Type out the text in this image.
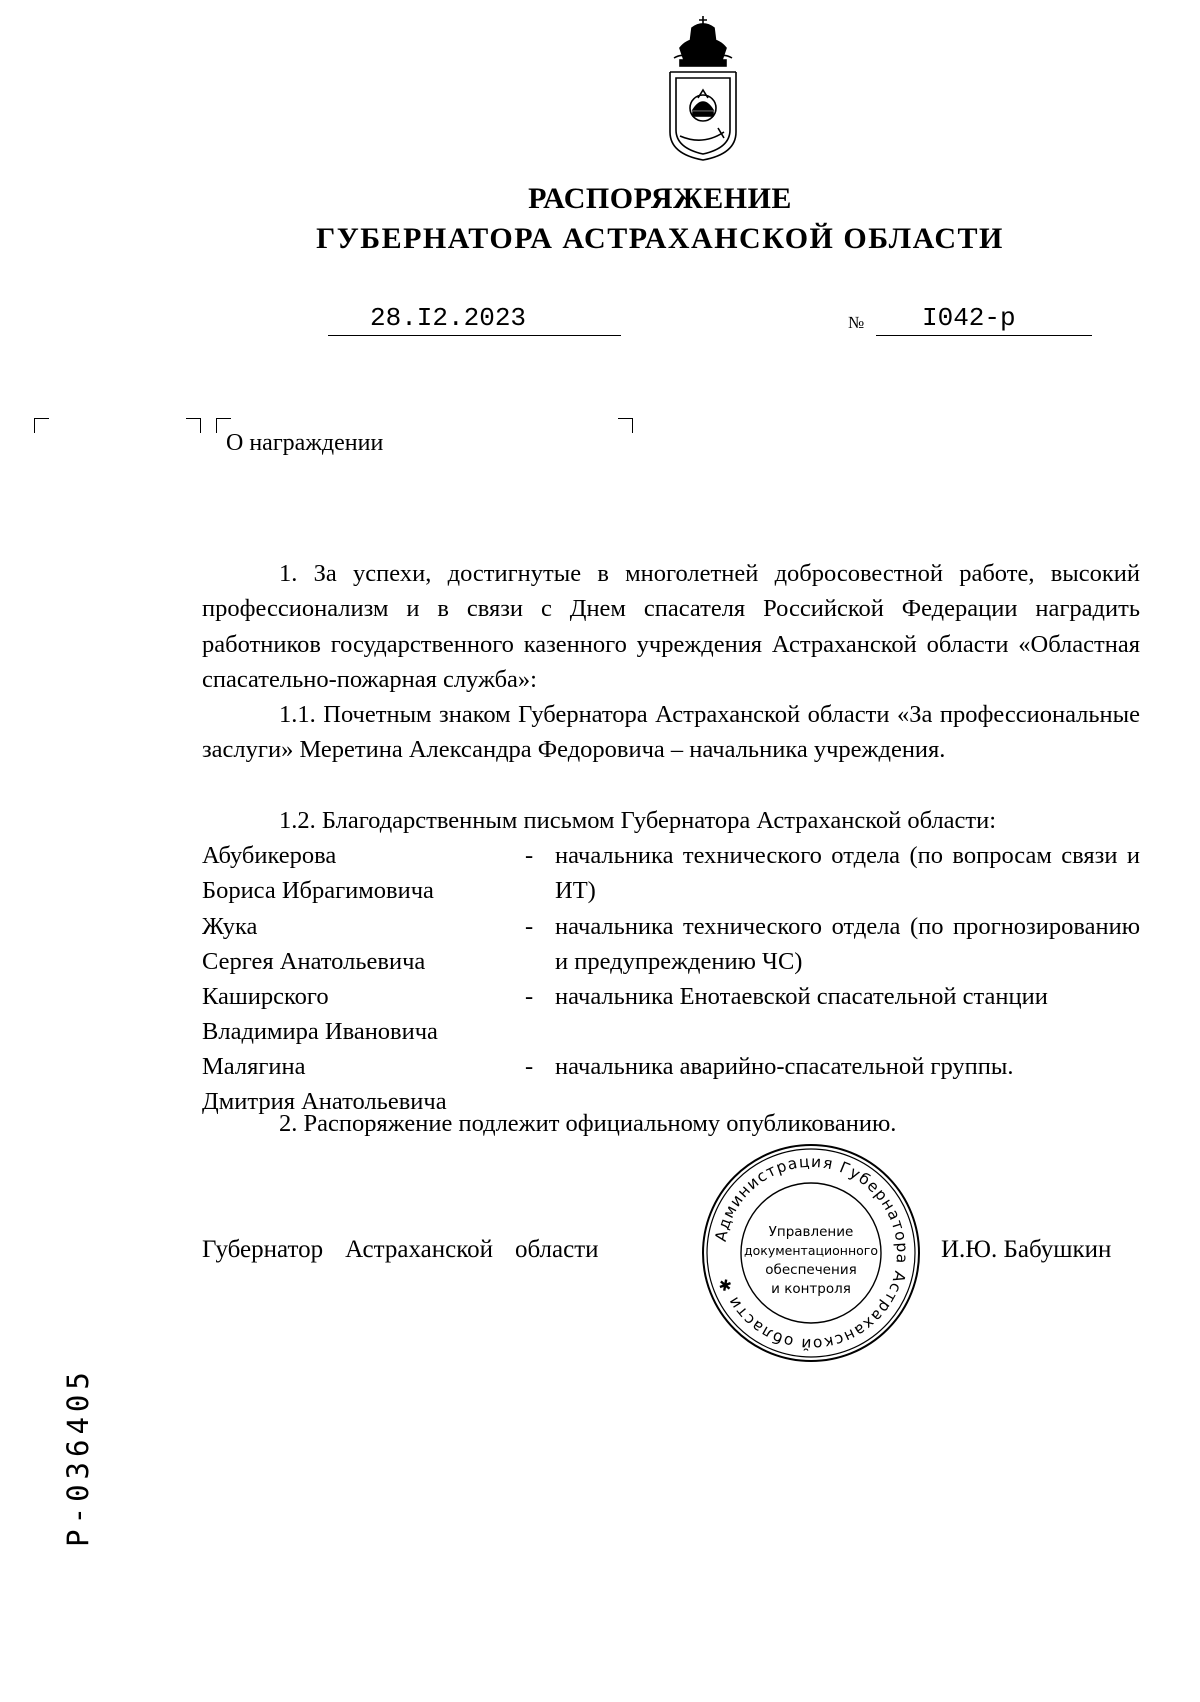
РАСПОРЯЖЕНИЕ
ГУБЕРНАТОРА АСТРАХАНСКОЙ ОБЛАСТИ
28.I2.2023	№ I042-р
О награждении
1. За успехи, достигнутые в многолетней добросовестной работе, высокий профессионализм и в связи с Днем спасателя Российской Федерации наградить работников государственного казенного учреждения Астраханской области «Областная спасательно-пожарная служба»:
1.1. Почетным знаком Губернатора Астраханской области «За профессиональные заслуги» Меретина Александра Федоровича – начальника учреждения.
1.2. Благодарственным письмом Губернатора Астраханской области:
Абубикерова
Бориса Ибрагимовича
- начальника технического отдела (по вопросам связи и ИТ)
Жука
Сергея Анатольевича
- начальника технического отдела (по прогнозированию и предупреждению ЧС)
Каширского
Владимира Ивановича
- начальника Енотаевской спасательной станции
Малягина
Дмитрия Анатольевича
- начальника аварийно-спасательной группы.
2. Распоряжение подлежит официальному опубликованию.
Губернатор Астраханской области	И.Ю. Бабушкин
Администрация Губернатора Астраханской области ✱
Управление
документационного
обеспечения
и контроля
Р-036405
